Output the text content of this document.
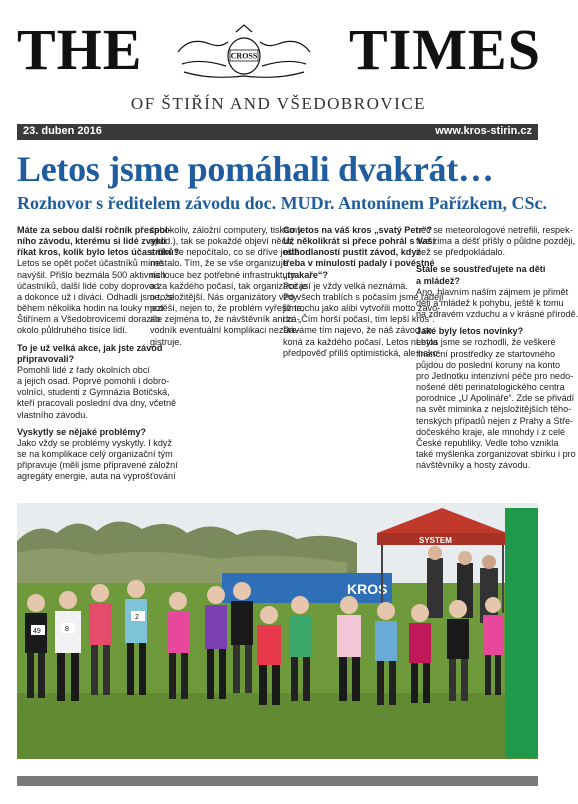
THE	TIMES
CROSS
OF ŠTIŘÍN AND VŠEDOBROVICE
23. duben 2016	www.kros-stirin.cz
Letos jsme pomáhali dvakrát…
Rozhovor s ředitelem závodu doc. MUDr. Antonínem Pařízkem, CSc.

Máte za sebou další ročník přespol-
ního závodu, kterému si lidé zvykli
říkat kros, kolik bylo letos účastníků?
Letos se opět počet účastníků mírně
navýšil. Přišlo bezmála 500 aktivních
účastníků, další lidé coby doprovod
a dokonce už i diváci. Odhadli jsme, že
během několika hodin na louky mezi
Štiřínem a Všedobrovicemi dorazilo
okolo půldruhého tisíce lidí.

To je už velká akce, jak jste závod
připravovali?
Pomohli lidé z řady okolních obcí
a jejich osad. Poprvé pomohli i dobro-
volníci, studenti z Gymnázia Botičská,
kteří pracovali poslední dva dny, včetně
vlastního závodu.

Vyskytly se nějaké problémy?
Jako vždy se problémy vyskytly. I když
se na komplikace celý organizační tým
připravuje (měli jsme připravené záložní
agregáty energie, auta na vyprošťování

čehokoliv, záložní computery, tiskárny
apod.), tak se pokaždé objeví něco,
s čím se nepočítalo, co se dříve ještě
nestalo. Tím, že se vše organizuje
na louce bez potřebné infrastruktury
a za každého počasí, tak organizace je
o to složitější. Nás organizátory vždy
potěší, nejen to, že problém vyřešíme,
ale zejména to, že návštěvník ani zá-
vodník eventuální komplikaci nezare-
gistruje.

Co letos na váš kros „svatý Petr“?
Už několikrát si přece pohrál s Vaší
odhodlaností pustit závod, když
třeba v minulosti padaly i povéstné
„trakaře“?
Počasí je vždy velká neznámá.
Po všech trablích s počasím jsme radéji
již trochu jako alibi vytvořili motto závo-
du: „Čím horší počasí, tím lepší kros“.
Dáváme tím najevo, že náš závod se
koná za každého počasí. Letos nebyla
předpověď příliš optimistická, ale nako-

nec se meteorologové netrefili, respek-
tive zima a déšť přišly o půldne později,
než se předpokládalo.

Stále se soustřeďujete na děti
a mládež?
Ano, hlavním naším zájmem je přimět
děti a mládež k pohybu, ještě k tomu
na zdravém vzduchu a v krásné přírodě.

Jaké byly letos novinky?
Letos jsme se rozhodli, že veškeré
finanční prostředky ze startovného
půjdou do poslední koruny na konto
pro Jednotku intenzivní péče pro nedo-
nošené děti perinatologického centra
porodnice „U Apolináře“. Zde se přivádí
na svět miminka z nejsložitějších těho-
tenských případů nejen z Prahy a Stře-
dočeského kraje, ale mnohdy i z celé
České republiky. Vedle toho vznikla
také myšlenka zorganizovat sbírku i pro
návštěvníky a hosty závodu.

KROS
SYSTEM
49	8
2
